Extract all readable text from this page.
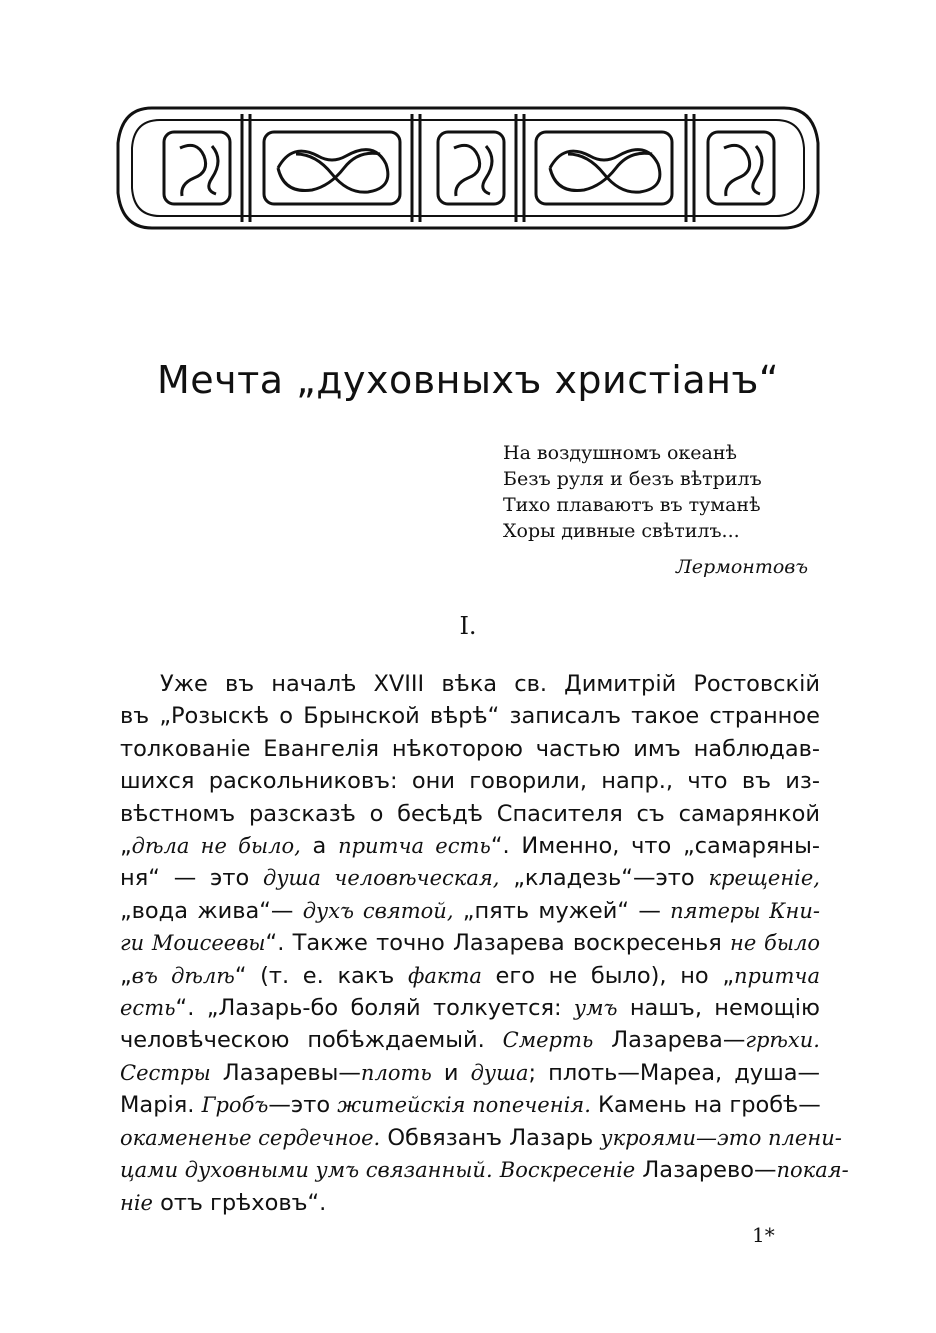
Мечта „духовныхъ христіанъ“
На воздушномъ океанѣ
Безъ руля и безъ вѣтрилъ
Тихо плаваютъ въ туманѣ
Хоры дивные свѣтилъ...
Лермонтовъ
I.
Уже въ началѣ XVIII вѣка св. Димитрій Ростовскій
въ „Розыскѣ о Брынской вѣрѣ“ записалъ такое странное
толкованіе Евангелія нѣкоторою частью имъ наблюдав-
шихся раскольниковъ: они говорили, напр., что въ из-
вѣстномъ разсказѣ о бесѣдѣ Спасителя съ самарянкой
„дѣла не было, а притча есть“. Именно, что „самаряны-
ня“ — это душа человѣческая, „кладезь“—это крещеніе,
„вода жива“— духъ святой, „пять мужей“ — пятеры Кни-
ги Моисеевы“. Также точно Лазарева воскресенья не было
„въ дѣлѣ“ (т. е. какъ факта его не было), но „притча
есть“. „Лазарь-бо боляй толкуется: умъ нашъ, немощію
человѣческою побѣждаемый. Смерть Лазарева—грѣхи.
Сестры Лазаревы—плоть и душа; плоть—Мареа, душа—
Марія. Гробъ—это житейскія попеченія. Камень на гробѣ—
окамененье сердечное. Обвязанъ Лазарь укроями—это плени-
цами духовными умъ связанный. Воскресеніе Лазарево—покая-
ніе отъ грѣховъ“.
1*
